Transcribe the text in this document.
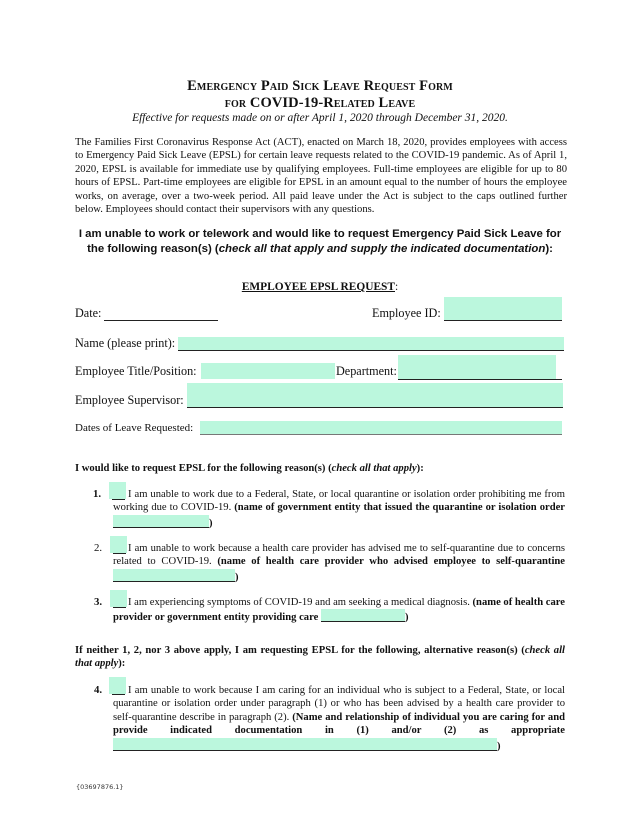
Emergency Paid Sick Leave Request Form
for COVID-19-Related Leave
Effective for requests made on or after April 1, 2020 through December 31, 2020.
The Families First Coronavirus Response Act (ACT), enacted on March 18, 2020, provides employees with access to Emergency Paid Sick Leave (EPSL) for certain leave requests related to the COVID-19 pandemic. As of April 1, 2020, EPSL is available for immediate use by qualifying employees. Full-time employees are eligible for up to 80 hours of EPSL. Part-time employees are eligible for EPSL in an amount equal to the number of hours the employee works, on average, over a two-week period. All paid leave under the Act is subject to the caps outlined further below. Employees should contact their supervisors with any questions.
I am unable to work or telework and would like to request Emergency Paid Sick Leave for
the following reason(s) (check all that apply and supply the indicated documentation):
EMPLOYEE EPSL REQUEST:
Date:	Employee ID:
Name (please print):
Employee Title/Position:	Department:
Employee Supervisor:
Dates of Leave Requested:
I would like to request EPSL for the following reason(s) (check all that apply):
1.	I am unable to work due to a Federal, State, or local quarantine or isolation order prohibiting me from working due to COVID-19. (name of government entity that issued the quarantine or isolation order )
2.	I am unable to work because a health care provider has advised me to self-quarantine due to concerns related to COVID-19. (name of health care provider who advised employee to self-quarantine)
3.	I am experiencing symptoms of COVID-19 and am seeking a medical diagnosis. (name of health care provider or government entity providing care	)
If neither 1, 2, nor 3 above apply, I am requesting EPSL for the following, alternative reason(s) (check all that apply):
4.	I am unable to work because I am caring for an individual who is subject to a Federal, State, or local quarantine or isolation order under paragraph (1) or who has been advised by a health care provider to self-quarantine describe in paragraph (2). (Name and relationship of individual you are caring for and provide indicated documentation in (1) and/or (2) as appropriate)
{03697876.1}
